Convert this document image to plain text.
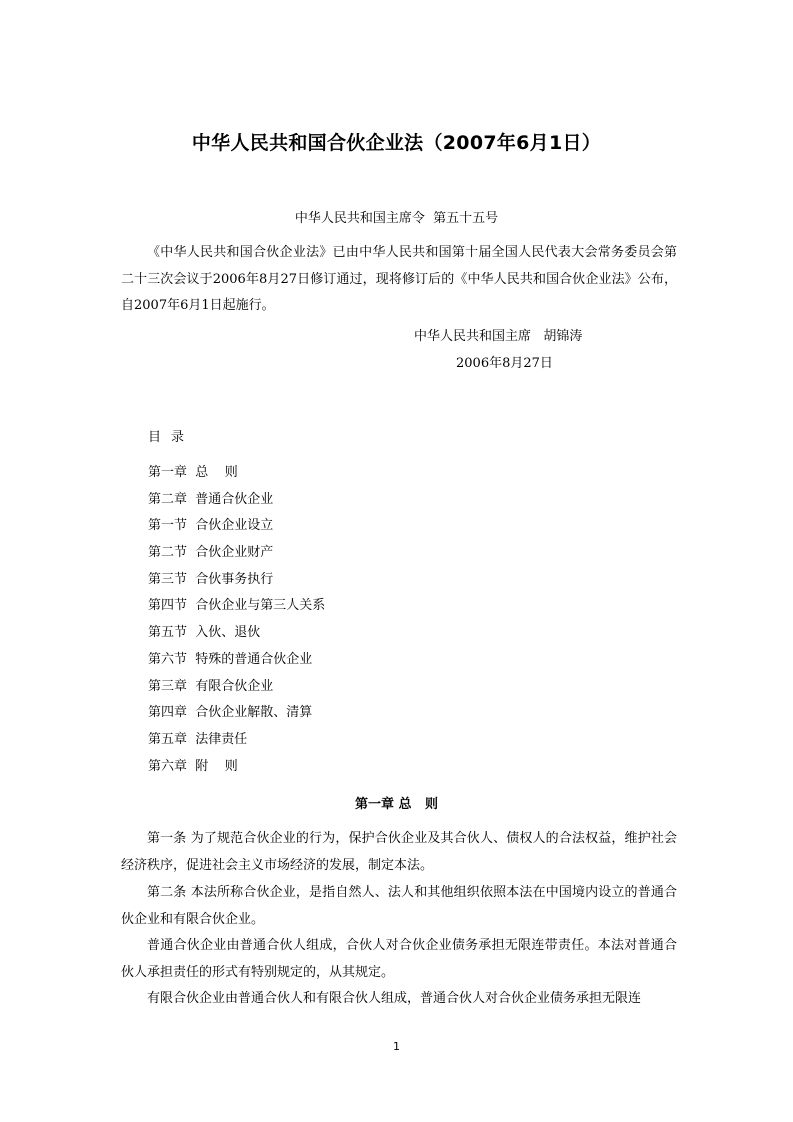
中华人民共和国合伙企业法（2007年6月1日）
中华人民共和国主席令  第五十五号

《中华人民共和国合伙企业法》已由中华人民共和国第十届全国人民代表大会常务委员会第二十三次会议于2006年8月27日修订通过，现将修订后的《中华人民共和国合伙企业法》公布，自2007年6月1日起施行。

中华人民共和国主席   胡锦涛
2006年8月27日
目录
第一章  总    则
第二章  普通合伙企业
第一节  合伙企业设立
第二节  合伙企业财产
第三节  合伙事务执行
第四节  合伙企业与第三人关系
第五节  入伙、退伙
第六节  特殊的普通合伙企业
第三章  有限合伙企业
第四章  合伙企业解散、清算
第五章  法律责任
第六章  附    则
第一章 总   则

第一条 为了规范合伙企业的行为，保护合伙企业及其合伙人、债权人的合法权益，维护社会经济秩序，促进社会主义市场经济的发展，制定本法。

第二条 本法所称合伙企业，是指自然人、法人和其他组织依照本法在中国境内设立的普通合伙企业和有限合伙企业。

普通合伙企业由普通合伙人组成，合伙人对合伙企业债务承担无限连带责任。本法对普通合伙人承担责任的形式有特别规定的，从其规定。

有限合伙企业由普通合伙人和有限合伙人组成，普通合伙人对合伙企业债务承担无限连

1
